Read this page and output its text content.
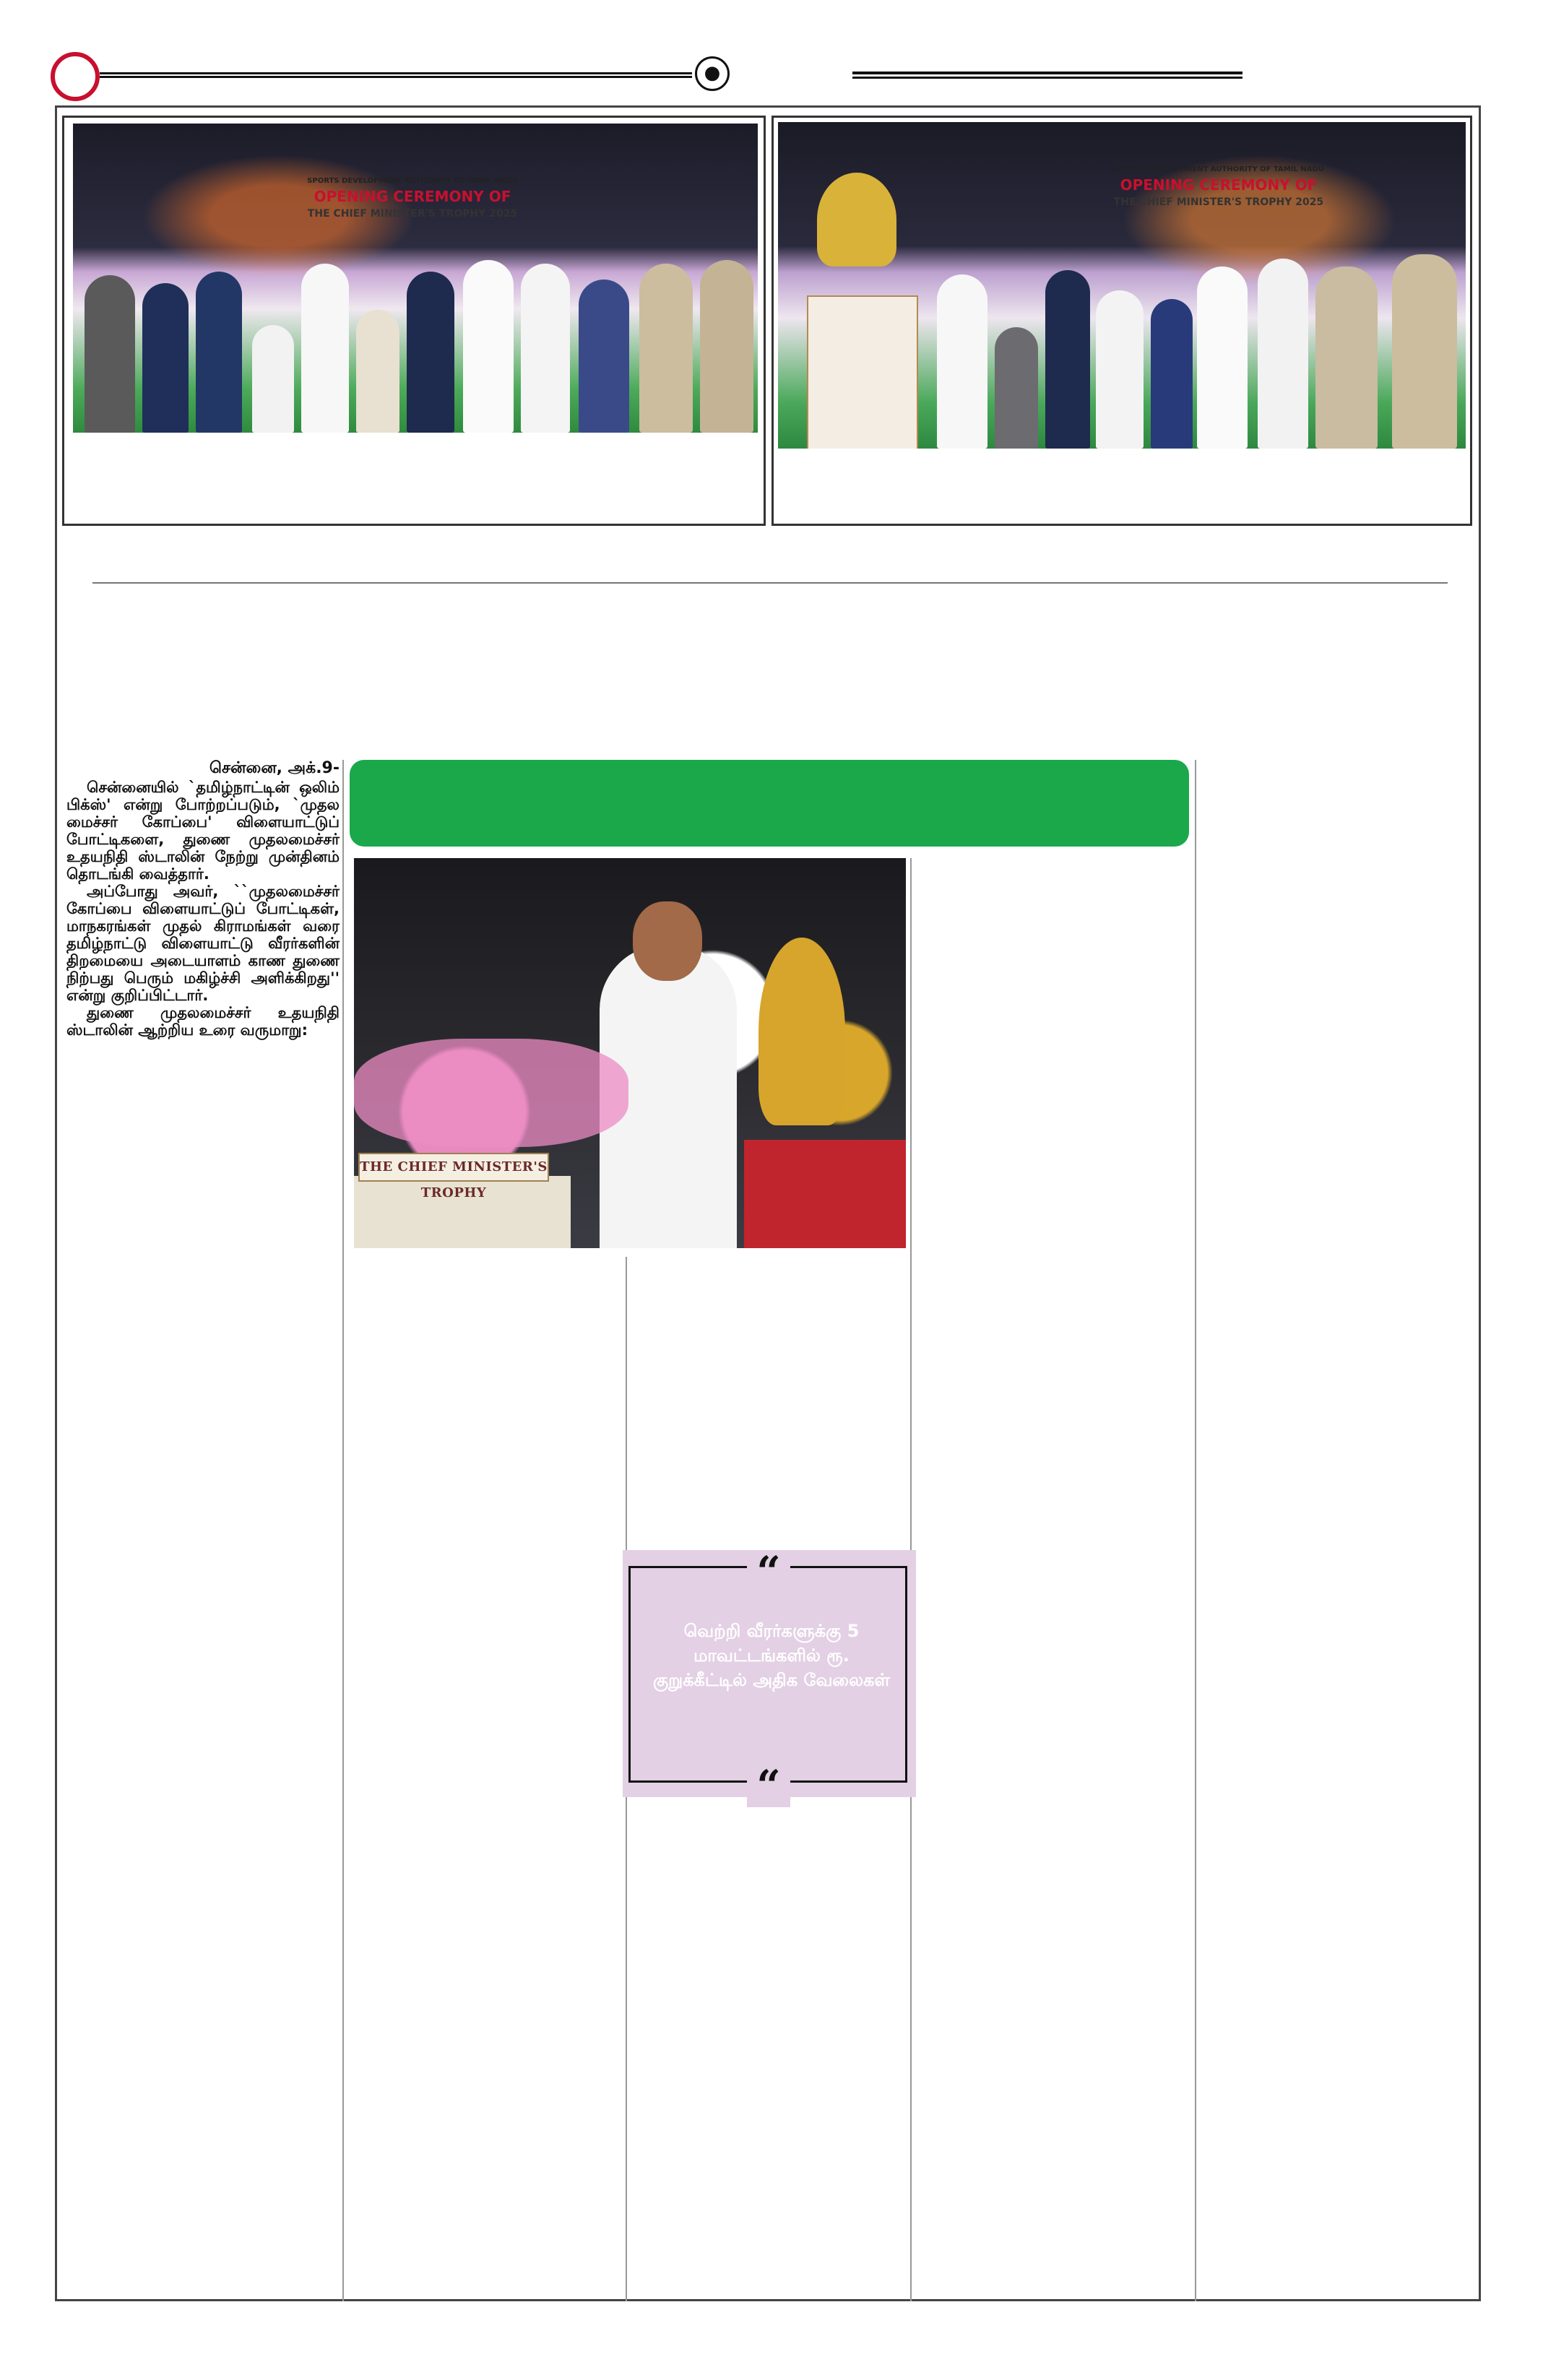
●
SPORTS DEVELOPMENT AUTHORITY OF TAMIL NADU
OPENING CEREMONY OF
THE CHIEF MINISTER'S TROPHY 2025
SPORTS DEVELOPMENT AUTHORITY OF TAMIL NADU
OPENING CEREMONY OF
THE CHIEF MINISTER'S TROPHY 2025
சென்னை, அக்.9-

சென்னையில் `தமிழ்நாட்டின் ஒலிம் பிக்ஸ்' என்று போற்றப்படும், `முதல மைச்சர் கோப்பை' விளையாட்டுப் போட்டிகளை, துணை முதலமைச்சர் உதயநிதி ஸ்டாலின் நேற்று முன்தினம் தொடங்கி வைத்தார்.

அப்போது அவர், ``முதலமைச்சர் கோப்பை விளையாட்டுப் போட்டிகள், மாநகரங்கள் முதல் கிராமங்கள் வரை தமிழ்நாட்டு விளையாட்டு வீரர்களின் திறமையை அடையாளம் காண துணை நிற்பது பெரும் மகிழ்ச்சி அளிக்கிறது'' என்று குறிப்பிட்டார்.

துணை முதலமைச்சர் உதயநிதி ஸ்டாலின் ஆற்றிய உரை வருமாறு:

THE CHIEF MINISTER'S TROPHY
வெற்றி வீரர்களுக்கு 5 மாவட்டங்களில் ரூ. குறுக்கீட்டில் அதிக வேலைகள்
“
“
